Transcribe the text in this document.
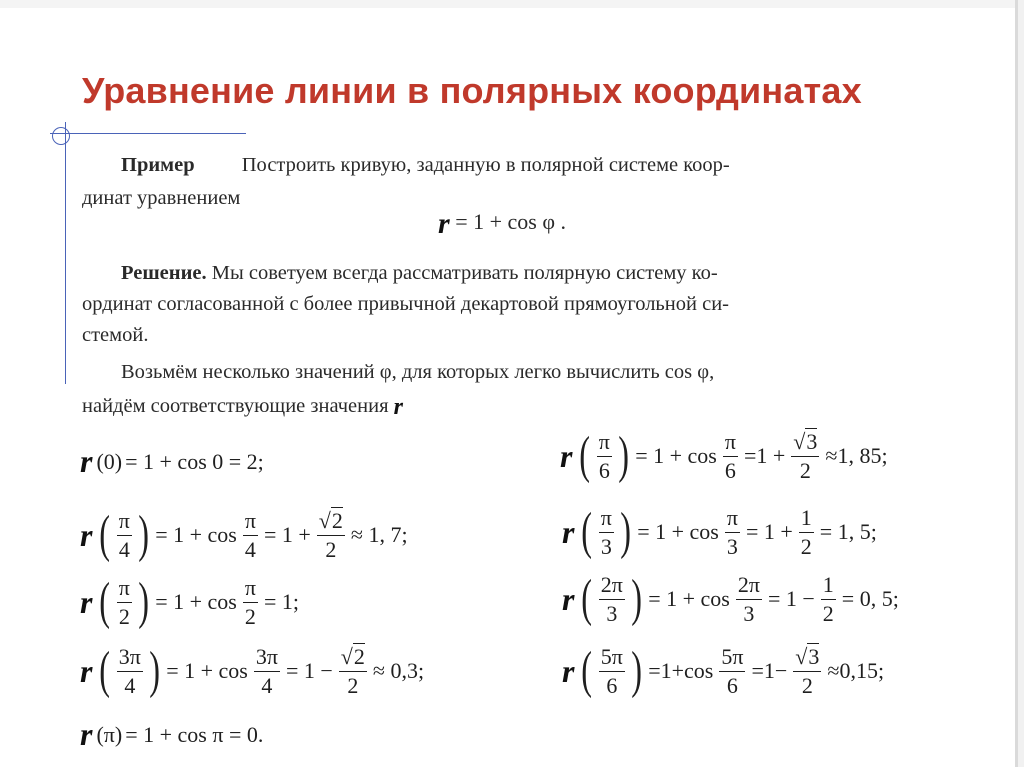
Уравнение линии в полярных координатах
Пример Построить кривую, заданную в полярной системе коор-
динат уравнением
r = 1 + cos φ .
Решение. Мы советуем всегда рассматривать полярную систему ко-
ординат согласованной с более привычной декартовой прямоугольной си-
стемой.
Возьмём несколько значений φ, для которых легко вычислить cos φ,
найдём соответствующие значения r
r (0) = 1 + cos 0 = 2;
r ( $\frac{\pi}{4}$ ) = $1 + \cos \frac{\pi}{4} = 1 + \frac{√2}{2} \approx 1$, 7;
r ( $\frac{\pi}{2}$ ) = $1 + \cos \frac{\pi}{2} = 1$;
r ( $\frac{3\pi}{4}$ ) = $1 + \cos \frac{3\pi}{4} = 1 - \frac{√2}{2} \approx 0,3$;
r (π) = 1 + cos π = 0.
r ( $\frac{\pi}{6}$ ) = $1 + \cos \frac{\pi}{6} =1 + \frac{√3}{2} \approx 1$, 85;
r ( $\frac{\pi}{3}$ ) = $1 + \cos \frac{\pi}{3} = 1 + \frac{1}{2} = 1$, 5;
r ( $\frac{2\pi}{3}$ ) = $1 + \cos \frac{2\pi}{3} = 1 - \frac{1}{2} = 0$, 5;
r ( $\frac{5\pi}{6}$ ) $=1+\cos \frac{5\pi}{6} =1- \frac{√3}{2} \approx 0,15$;
